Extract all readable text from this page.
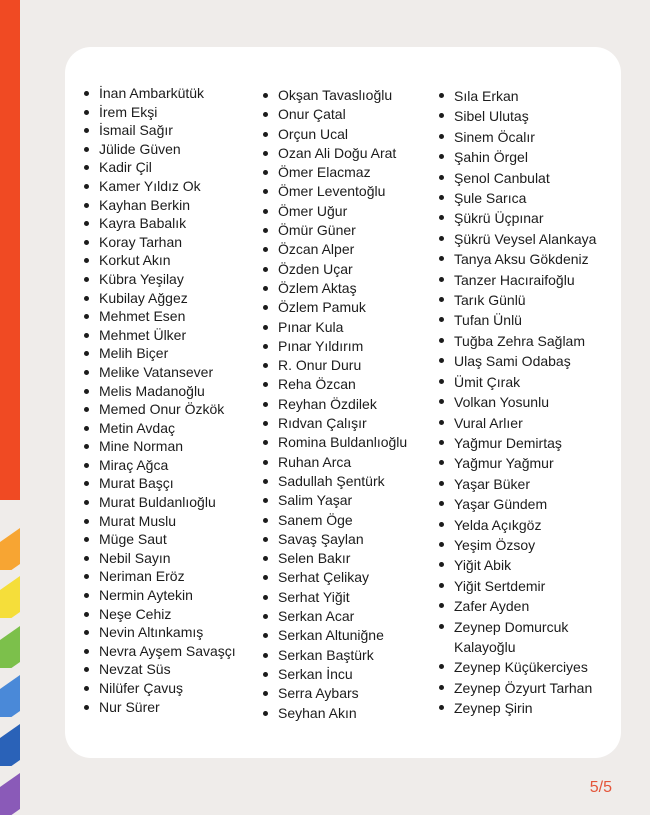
İnan Ambarkütük
İrem Ekşi
İsmail Sağır
Jülide Güven
Kadir Çil
Kamer Yıldız Ok
Kayhan Berkin
Kayra Babalık
Koray Tarhan
Korkut Akın
Kübra Yeşilay
Kubilay Ağgez
Mehmet Esen
Mehmet Ülker
Melih Biçer
Melike Vatansever
Melis Madanoğlu
Memed Onur Özkök
Metin Avdaç
Mine Norman
Miraç Ağca
Murat Başçı
Murat Buldanlıoğlu
Murat Muslu
Müge Saut
Nebil Sayın
Neriman Eröz
Nermin Aytekin
Neşe Cehiz
Nevin Altınkamış
Nevra Ayşem Savaşçı
Nevzat Süs
Nilüfer Çavuş
Nur Sürer
Okşan Tavaslıoğlu
Onur Çatal
Orçun Ucal
Ozan Ali Doğu Arat
Ömer Elacmaz
Ömer Leventoğlu
Ömer Uğur
Ömür Güner
Özcan Alper
Özden Uçar
Özlem Aktaş
Özlem Pamuk
Pınar Kula
Pınar Yıldırım
R. Onur Duru
Reha Özcan
Reyhan Özdilek
Rıdvan Çalışır
Romina Buldanlıoğlu
Ruhan Arca
Sadullah Şentürk
Salim Yaşar
Sanem Öge
Savaş Şaylan
Selen Bakır
Serhat Çelikay
Serhat Yiğit
Serkan Acar
Serkan Altuniğne
Serkan Baştürk
Serkan İncu
Serra Aybars
Seyhan Akın
Sıla Erkan
Sibel Ulutaş
Sinem Öcalır
Şahin Örgel
Şenol Canbulat
Şule Sarıca
Şükrü Üçpınar
Şükrü Veysel Alankaya
Tanya Aksu Gökdeniz
Tanzer Hacıraifoğlu
Tarık Günlü
Tufan Ünlü
Tuğba Zehra Sağlam
Ulaş Sami Odabaş
Ümit Çırak
Volkan Yosunlu
Vural Arlıer
Yağmur Demirtaş
Yağmur Yağmur
Yaşar Büker
Yaşar Gündem
Yelda Açıkgöz
Yeşim Özsoy
Yiğit Abik
Yiğit Sertdemir
Zafer Ayden
Zeynep Domurcuk
Kalayoğlu
Zeynep Küçükerciyes
Zeynep Özyurt Tarhan
Zeynep Şirin
5/5
